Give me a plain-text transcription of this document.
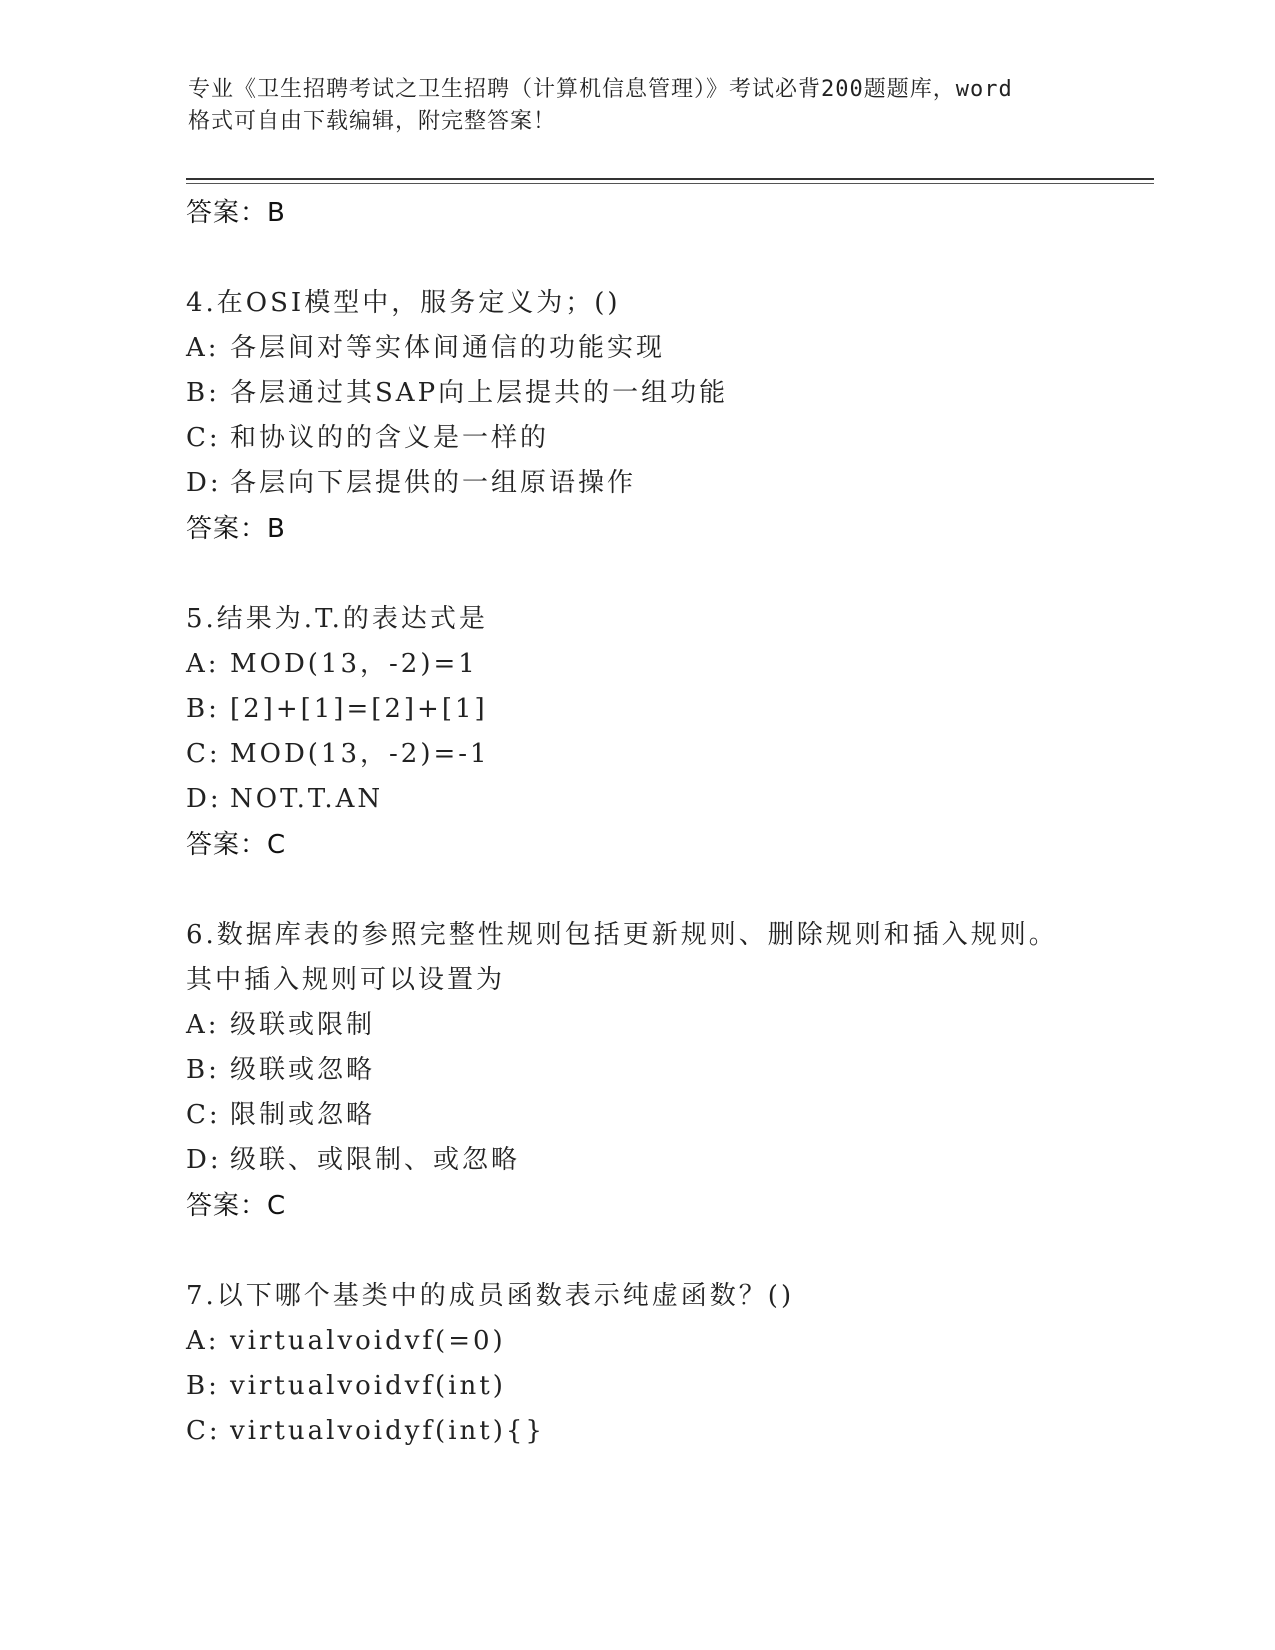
专业《卫生招聘考试之卫生招聘（计算机信息管理）》考试必背200题题库，word
格式可自由下载编辑，附完整答案！
答案：B
4.在OSI模型中，服务定义为；()
A: 各层间对等实体间通信的功能实现
B: 各层通过其SAP向上层提共的一组功能
C: 和协议的的含义是一样的
D: 各层向下层提供的一组原语操作
答案：B
5.结果为.T.的表达式是
A: MOD(13，-2)=1
B: [2]+[1]=[2]+[1]
C: MOD(13，-2)=-1
D: NOT.T.AN
答案：C
6.数据库表的参照完整性规则包括更新规则、删除规则和插入规则。
其中插入规则可以设置为
A: 级联或限制
B: 级联或忽略
C: 限制或忽略
D: 级联、或限制、或忽略
答案：C
7.以下哪个基类中的成员函数表示纯虚函数？()
A: virtualvoidvf(=0)
B: virtualvoidvf(int)
C: virtualvoidyf(int){}
